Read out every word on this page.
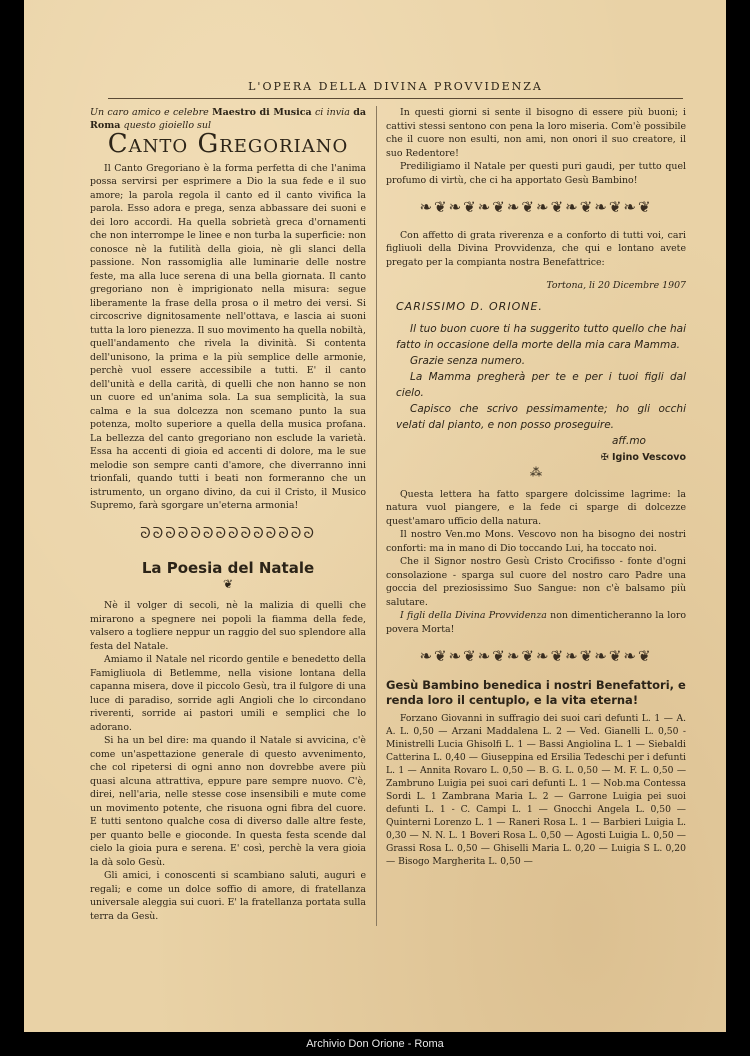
L'OPERA DELLA DIVINA PROVVIDENZA
Un caro amico e celebre Maestro di Musica ci invia da Roma questo gioiello sul
Canto Gregoriano

Il Canto Gregoriano è la forma perfetta di che l'anima possa servirsi per esprimere a Dio la sua fede e il suo amore; la parola regola il canto ed il canto vivifica la parola. Esso adora e prega, senza abbassare dei suoni e dei loro accordi. Ha quella sobrietà greca d'ornamenti che non interrompe le linee e non turba la superficie: non conosce nè la futilità della gioia, nè gli slanci della passione. Non rassomiglia alle luminarie delle nostre feste, ma alla luce serena di una bella giornata. Il canto gregoriano non è imprigionato nella misura: segue liberamente la frase della prosa o il metro dei versi. Si circoscrive dignitosamente nell'ottava, e lascia ai suoni tutta la loro pienezza. Il suo movimento ha quella nobiltà, quell'andamento che rivela la divinità. Si contenta dell'unisono, la prima e la più semplice delle armonie, perchè vuol essere accessibile a tutti. E' il canto dell'unità e della carità, di quelli che non hanno se non un cuore ed un'anima sola. La sua semplicità, la sua calma e la sua dolcezza non scemano punto la sua potenza, molto superiore a quella della musica profana. La bellezza del canto gregoriano non esclude la varietà. Essa ha accenti di gioia ed accenti di dolore, ma le sue melodie son sempre canti d'amore, che diverranno inni trionfali, quando tutti i beati non formeranno che un istrumento, un organo divino, da cui il Cristo, il Musico Supremo, farà sgorgare un'eterna armonia!

ᘐᘐᘐᘐᘐᘐᘐᘐᘐᘐᘐᘐᘐᘐ
La Poesia del Natale
❦

Nè il volger di secoli, nè la malizia di quelli che mirarono a spegnere nei popoli la fiamma della fede, valsero a togliere neppur un raggio del suo splendore alla festa del Natale.

Amiamo il Natale nel ricordo gentile e benedetto della Famigliuola di Betlemme, nella visione lontana della capanna misera, dove il piccolo Gesù, tra il fulgore di una luce di paradiso, sorride agli Angioli che lo circondano riverenti, sorride ai pastori umili e semplici che lo adorano.

Si ha un bel dire: ma quando il Natale si avvicina, c'è come un'aspettazione generale di questo avvenimento, che col ripetersi di ogni anno non dovrebbe avere più quasi alcuna attrattiva, eppure pare sempre nuovo. C'è, direi, nell'aria, nelle stesse cose insensibili e mute come un movimento potente, che risuona ogni fibra del cuore. E tutti sentono qualche cosa di diverso dalle altre feste, per quanto belle e gioconde. In questa festa scende dal cielo la gioia pura e serena. E' così, perchè la vera gioia la dà solo Gesù.

Gli amici, i conoscenti si scambiano saluti, auguri e regali; e come un dolce soffio di amore, di fratellanza universale aleggia sui cuori. E' la fratellanza portata sulla terra da Gesù.

In questi giorni si sente il bisogno di essere più buoni; i cattivi stessi sentono con pena la loro miseria. Com'è possibile che il cuore non esulti, non ami, non onori il suo creatore, il suo Redentore!

Prediligiamo il Natale per questi puri gaudi, per tutto quel profumo di virtù, che ci ha apportato Gesù Bambino!

❧❦❧❦❧❦❧❦❧❦❧❦❧❦❧❦

Con affetto di grata riverenza e a conforto di tutti voi, cari figliuoli della Divina Provvidenza, che qui e lontano avete pregato per la compianta nostra Benefattrice:

Tortona, li 20 Dicembre 1907
CARISSIMO D. ORIONE.

Il tuo buon cuore ti ha suggerito tutto quello che hai fatto in occasione della morte della mia cara Mamma.

Grazie senza numero.

La Mamma pregherà per te e per i tuoi figli dal cielo.

Capisco che scrivo pessimamente; ho gli occhi velati dal pianto, e non posso proseguire.

aff.mo
✠ Igino Vescovo
⁂

Questa lettera ha fatto spargere dolcissime lagrime: la natura vuol piangere, e la fede ci sparge di dolcezze quest'amaro ufficio della natura.

Il nostro Ven.mo Mons. Vescovo non ha bisogno dei nostri conforti: ma in mano di Dio toccando Lui, ha toccato noi.

Che il Signor nostro Gesù Cristo Crocifisso - fonte d'ogni consolazione - sparga sul cuore del nostro caro Padre una goccia del preziosissimo Suo Sangue: non c'è balsamo più salutare.

I figli della Divina Provvidenza non dimenticheranno la loro povera Morta!

❧❦❧❦❧❦❧❦❧❦❧❦❧❦❧❦
Gesù Bambino benedica i nostri Benefattori, e renda loro il centuplo, e la vita eterna!

Forzano Giovanni in suffragio dei suoi cari defunti L. 1 — A. A. L. 0,50 — Arzani Maddalena L. 2 — Ved. Gianelli L. 0,50 - Ministrelli Lucia Ghisolfi L. 1 — Bassi Angiolina L. 1 — Siebaldi Catterina L. 0,40 — Giuseppina ed Ersilia Tedeschi per i defunti L. 1 — Annita Rovaro L. 0,50 — B. G. L. 0,50 — M. F. L. 0,50 — Zambruno Luigia pei suoi cari defunti L. 1 — Nob.ma Contessa Sordi L. 1 Zambrana Maria L. 2 — Garrone Luigia pei suoi defunti L. 1 - C. Campi L. 1 — Gnocchi Angela L. 0,50 — Quinterni Lorenzo L. 1 — Raneri Rosa L. 1 — Barbieri Luigia L. 0,30 — N. N. L. 1 Boveri Rosa L. 0,50 — Agosti Luigia L. 0,50 — Grassi Rosa L. 0,50 — Ghiselli Maria L. 0,20 — Luigia S L. 0,20 — Bisogo Margherita L. 0,50 —

Archivio Don Orione - Roma
